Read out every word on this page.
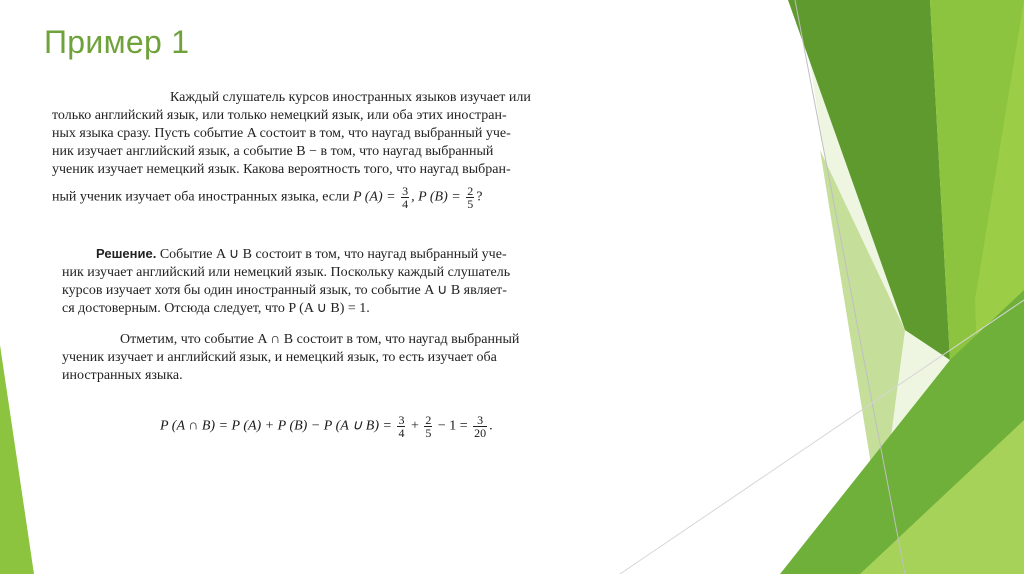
Пример 1
Каждый слушатель курсов иностранных языков изучает или
только английский язык, или только немецкий язык, или оба этих иностран-
ных языка сразу. Пусть событие A состоит в том, что наугад выбранный уче-
ник изучает английский язык, а событие B − в том, что наугад выбранный
ученик изучает немецкий язык. Какова вероятность того, что наугад выбран-
ный ученик изучает оба иностранных языка, если P $(A) = \frac{3}{4}$ , P $(B) = \frac{2}{5}$ ?
Решение. Событие A ∪ B состоит в том, что наугад выбранный уче-
ник изучает английский или немецкий язык. Поскольку каждый слушатель
курсов изучает хотя бы один иностранный язык, то событие A ∪ B являет-
ся достоверным. Отсюда следует, что P (A ∪ B) = 1.
Отметим, что событие A ∩ B состоит в том, что наугад выбранный
ученик изучает и английский язык, и немецкий язык, то есть изучает оба
иностранных языка.
P (A ∩ B) = P (A) + P (B) − P (A ∪ $B) = \frac{3}{4} + \frac{2}{5} - 1 = \frac{3}{20}$ .
